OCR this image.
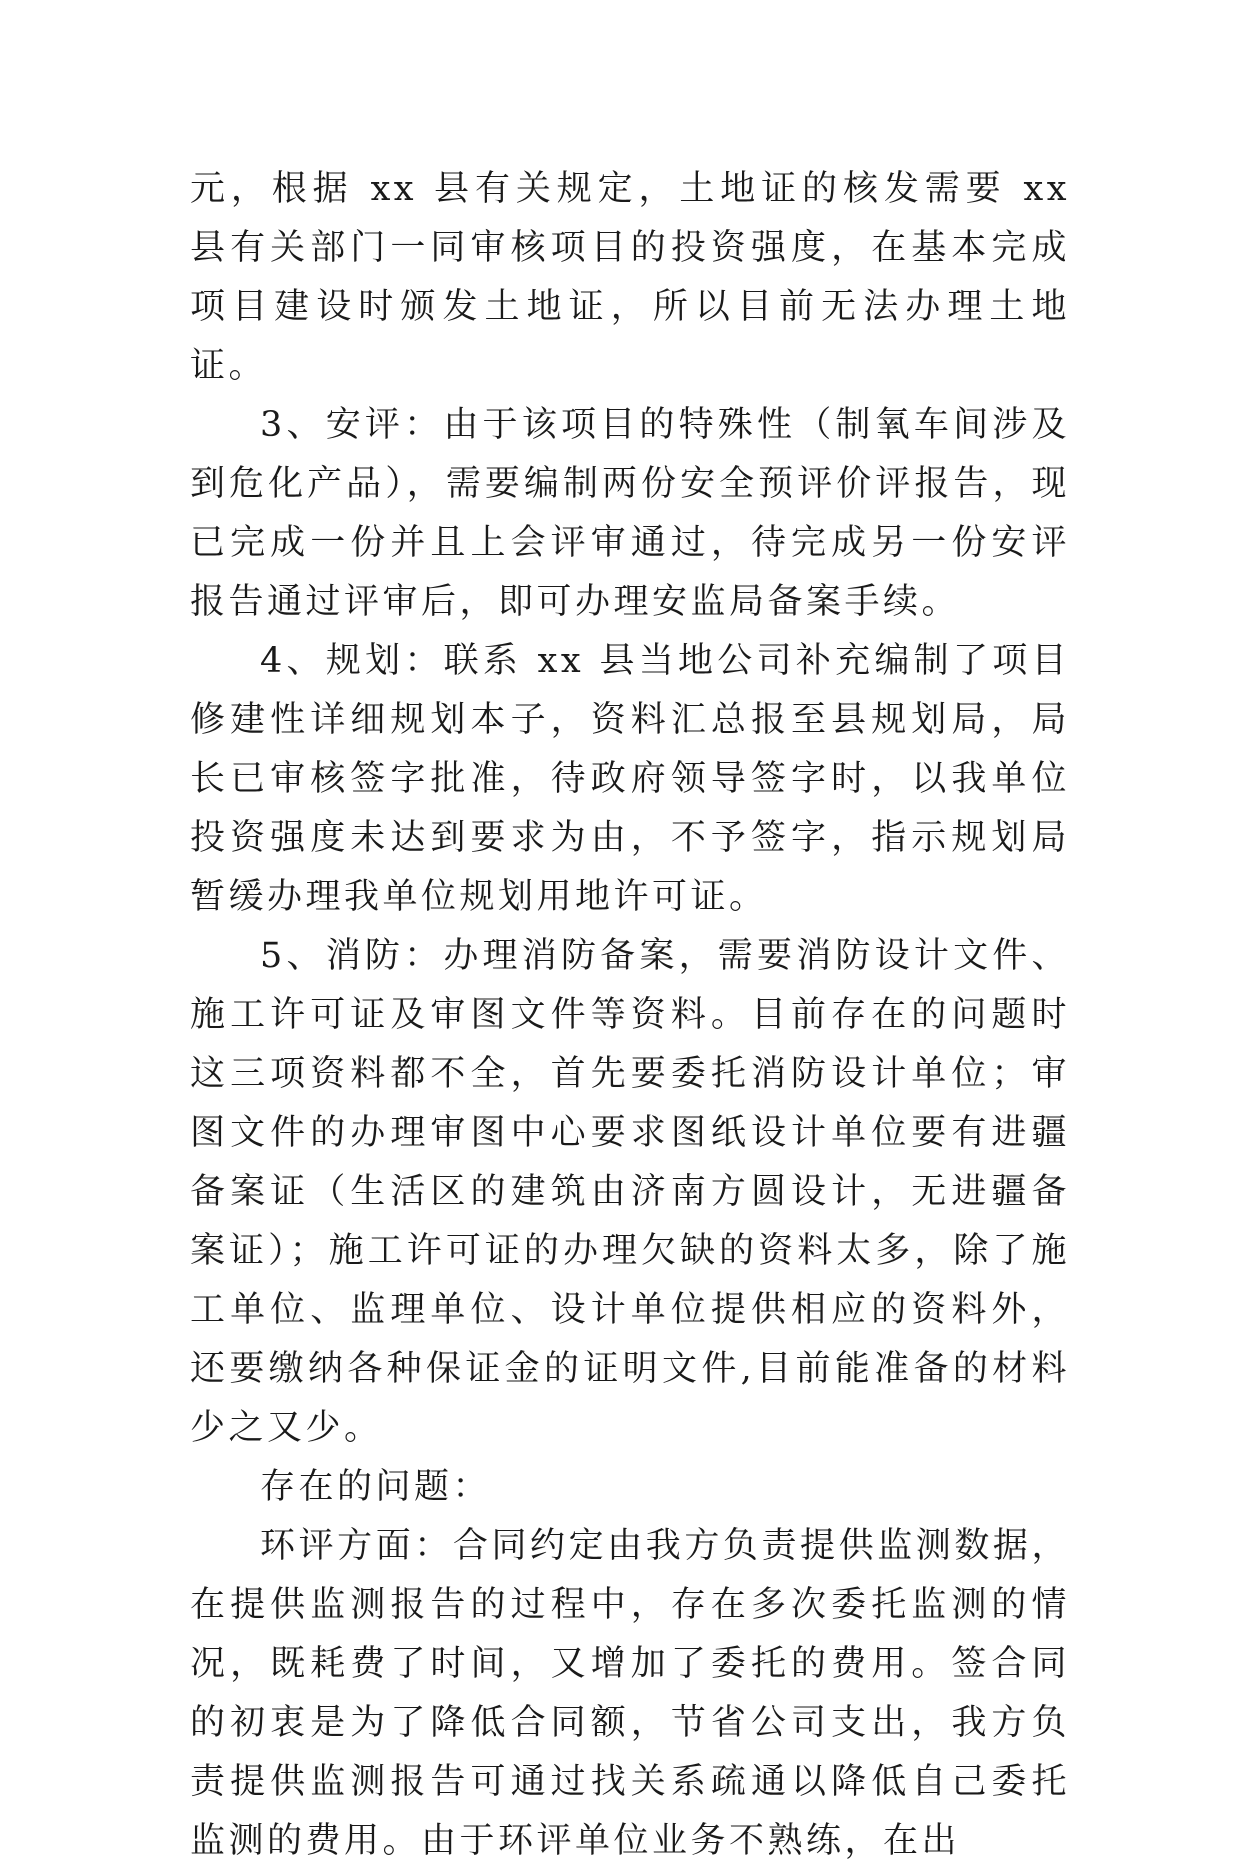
元，根据 xx 县有关规定，土地证的核发需要 xx 县有关部门一同审核项目的投资强度，在基本完成项目建设时颁发土地证，所以目前无法办理土地证。

3、安评：由于该项目的特殊性（制氧车间涉及到危化产品），需要编制两份安全预评价评报告，现已完成一份并且上会评审通过，待完成另一份安评报告通过评审后，即可办理安监局备案手续。

4、规划：联系 xx 县当地公司补充编制了项目修建性详细规划本子，资料汇总报至县规划局，局长已审核签字批准，待政府领导签字时，以我单位投资强度未达到要求为由，不予签字，指示规划局暂缓办理我单位规划用地许可证。

5、消防：办理消防备案，需要消防设计文件、施工许可证及审图文件等资料。目前存在的问题时这三项资料都不全，首先要委托消防设计单位；审图文件的办理审图中心要求图纸设计单位要有进疆备案证（生活区的建筑由济南方圆设计，无进疆备案证）；施工许可证的办理欠缺的资料太多，除了施工单位、监理单位、设计单位提供相应的资料外，还要缴纳各种保证金的证明文件,目前能准备的材料少之又少。

存在的问题：

环评方面：合同约定由我方负责提供监测数据，在提供监测报告的过程中，存在多次委托监测的情况，既耗费了时间，又增加了委托的费用。签合同的初衷是为了降低合同额，节省公司支出，我方负责提供监测报告可通过找关系疏通以降低自己委托监测的费用。由于环评单位业务不熟练，在出
